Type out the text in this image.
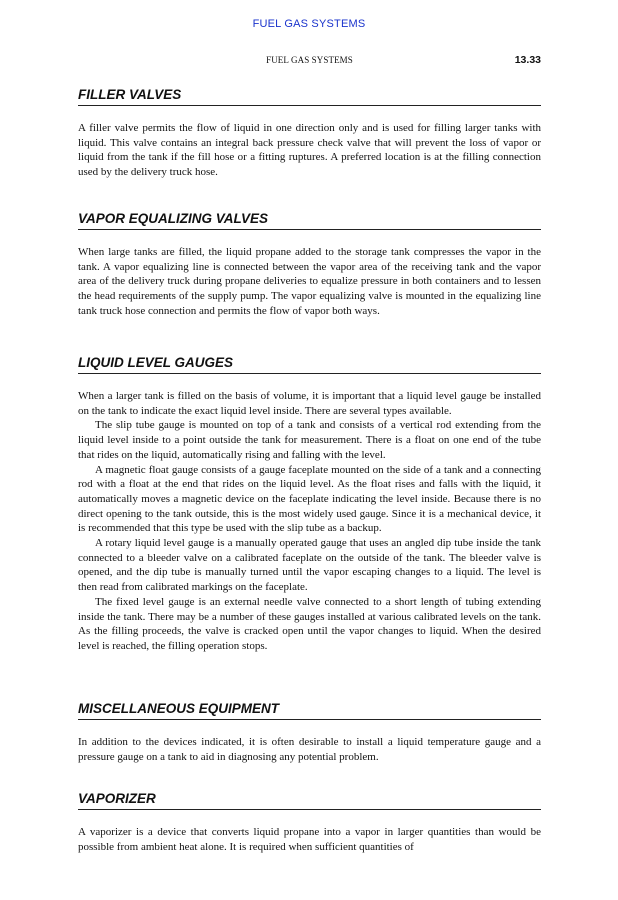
FUEL GAS SYSTEMS
FUEL GAS SYSTEMS	13.33
FILLER VALVES

A filler valve permits the flow of liquid in one direction only and is used for filling larger tanks with liquid. This valve contains an integral back pressure check valve that will prevent the loss of vapor or liquid from the tank if the fill hose or a fitting ruptures. A preferred location is at the filling connection used by the delivery truck hose.

VAPOR EQUALIZING VALVES

When large tanks are filled, the liquid propane added to the storage tank compresses the vapor in the tank. A vapor equalizing line is connected between the vapor area of the receiving tank and the vapor area of the delivery truck during propane deliveries to equalize pressure in both containers and to lessen the head requirements of the supply pump. The vapor equalizing valve is mounted in the equalizing line tank truck hose connection and permits the flow of vapor both ways.

LIQUID LEVEL GAUGES

When a larger tank is filled on the basis of volume, it is important that a liquid level gauge be installed on the tank to indicate the exact liquid level inside. There are several types available.

The slip tube gauge is mounted on top of a tank and consists of a vertical rod extending from the liquid level inside to a point outside the tank for measurement. There is a float on one end of the tube that rides on the liquid, automatically rising and falling with the level.

A magnetic float gauge consists of a gauge faceplate mounted on the side of a tank and a connecting rod with a float at the end that rides on the liquid level. As the float rises and falls with the liquid, it automatically moves a magnetic device on the faceplate indicating the level inside. Because there is no direct opening to the tank outside, this is the most widely used gauge. Since it is a mechanical device, it is recommended that this type be used with the slip tube as a backup.

A rotary liquid level gauge is a manually operated gauge that uses an angled dip tube inside the tank connected to a bleeder valve on a calibrated faceplate on the outside of the tank. The bleeder valve is opened, and the dip tube is manually turned until the vapor escaping changes to a liquid. The level is then read from calibrated markings on the faceplate.

The fixed level gauge is an external needle valve connected to a short length of tubing extending inside the tank. There may be a number of these gauges installed at various calibrated levels on the tank. As the filling proceeds, the valve is cracked open until the vapor changes to liquid. When the desired level is reached, the filling operation stops.

MISCELLANEOUS EQUIPMENT

In addition to the devices indicated, it is often desirable to install a liquid temperature gauge and a pressure gauge on a tank to aid in diagnosing any potential problem.

VAPORIZER

A vaporizer is a device that converts liquid propane into a vapor in larger quantities than would be possible from ambient heat alone. It is required when sufficient quantities of
